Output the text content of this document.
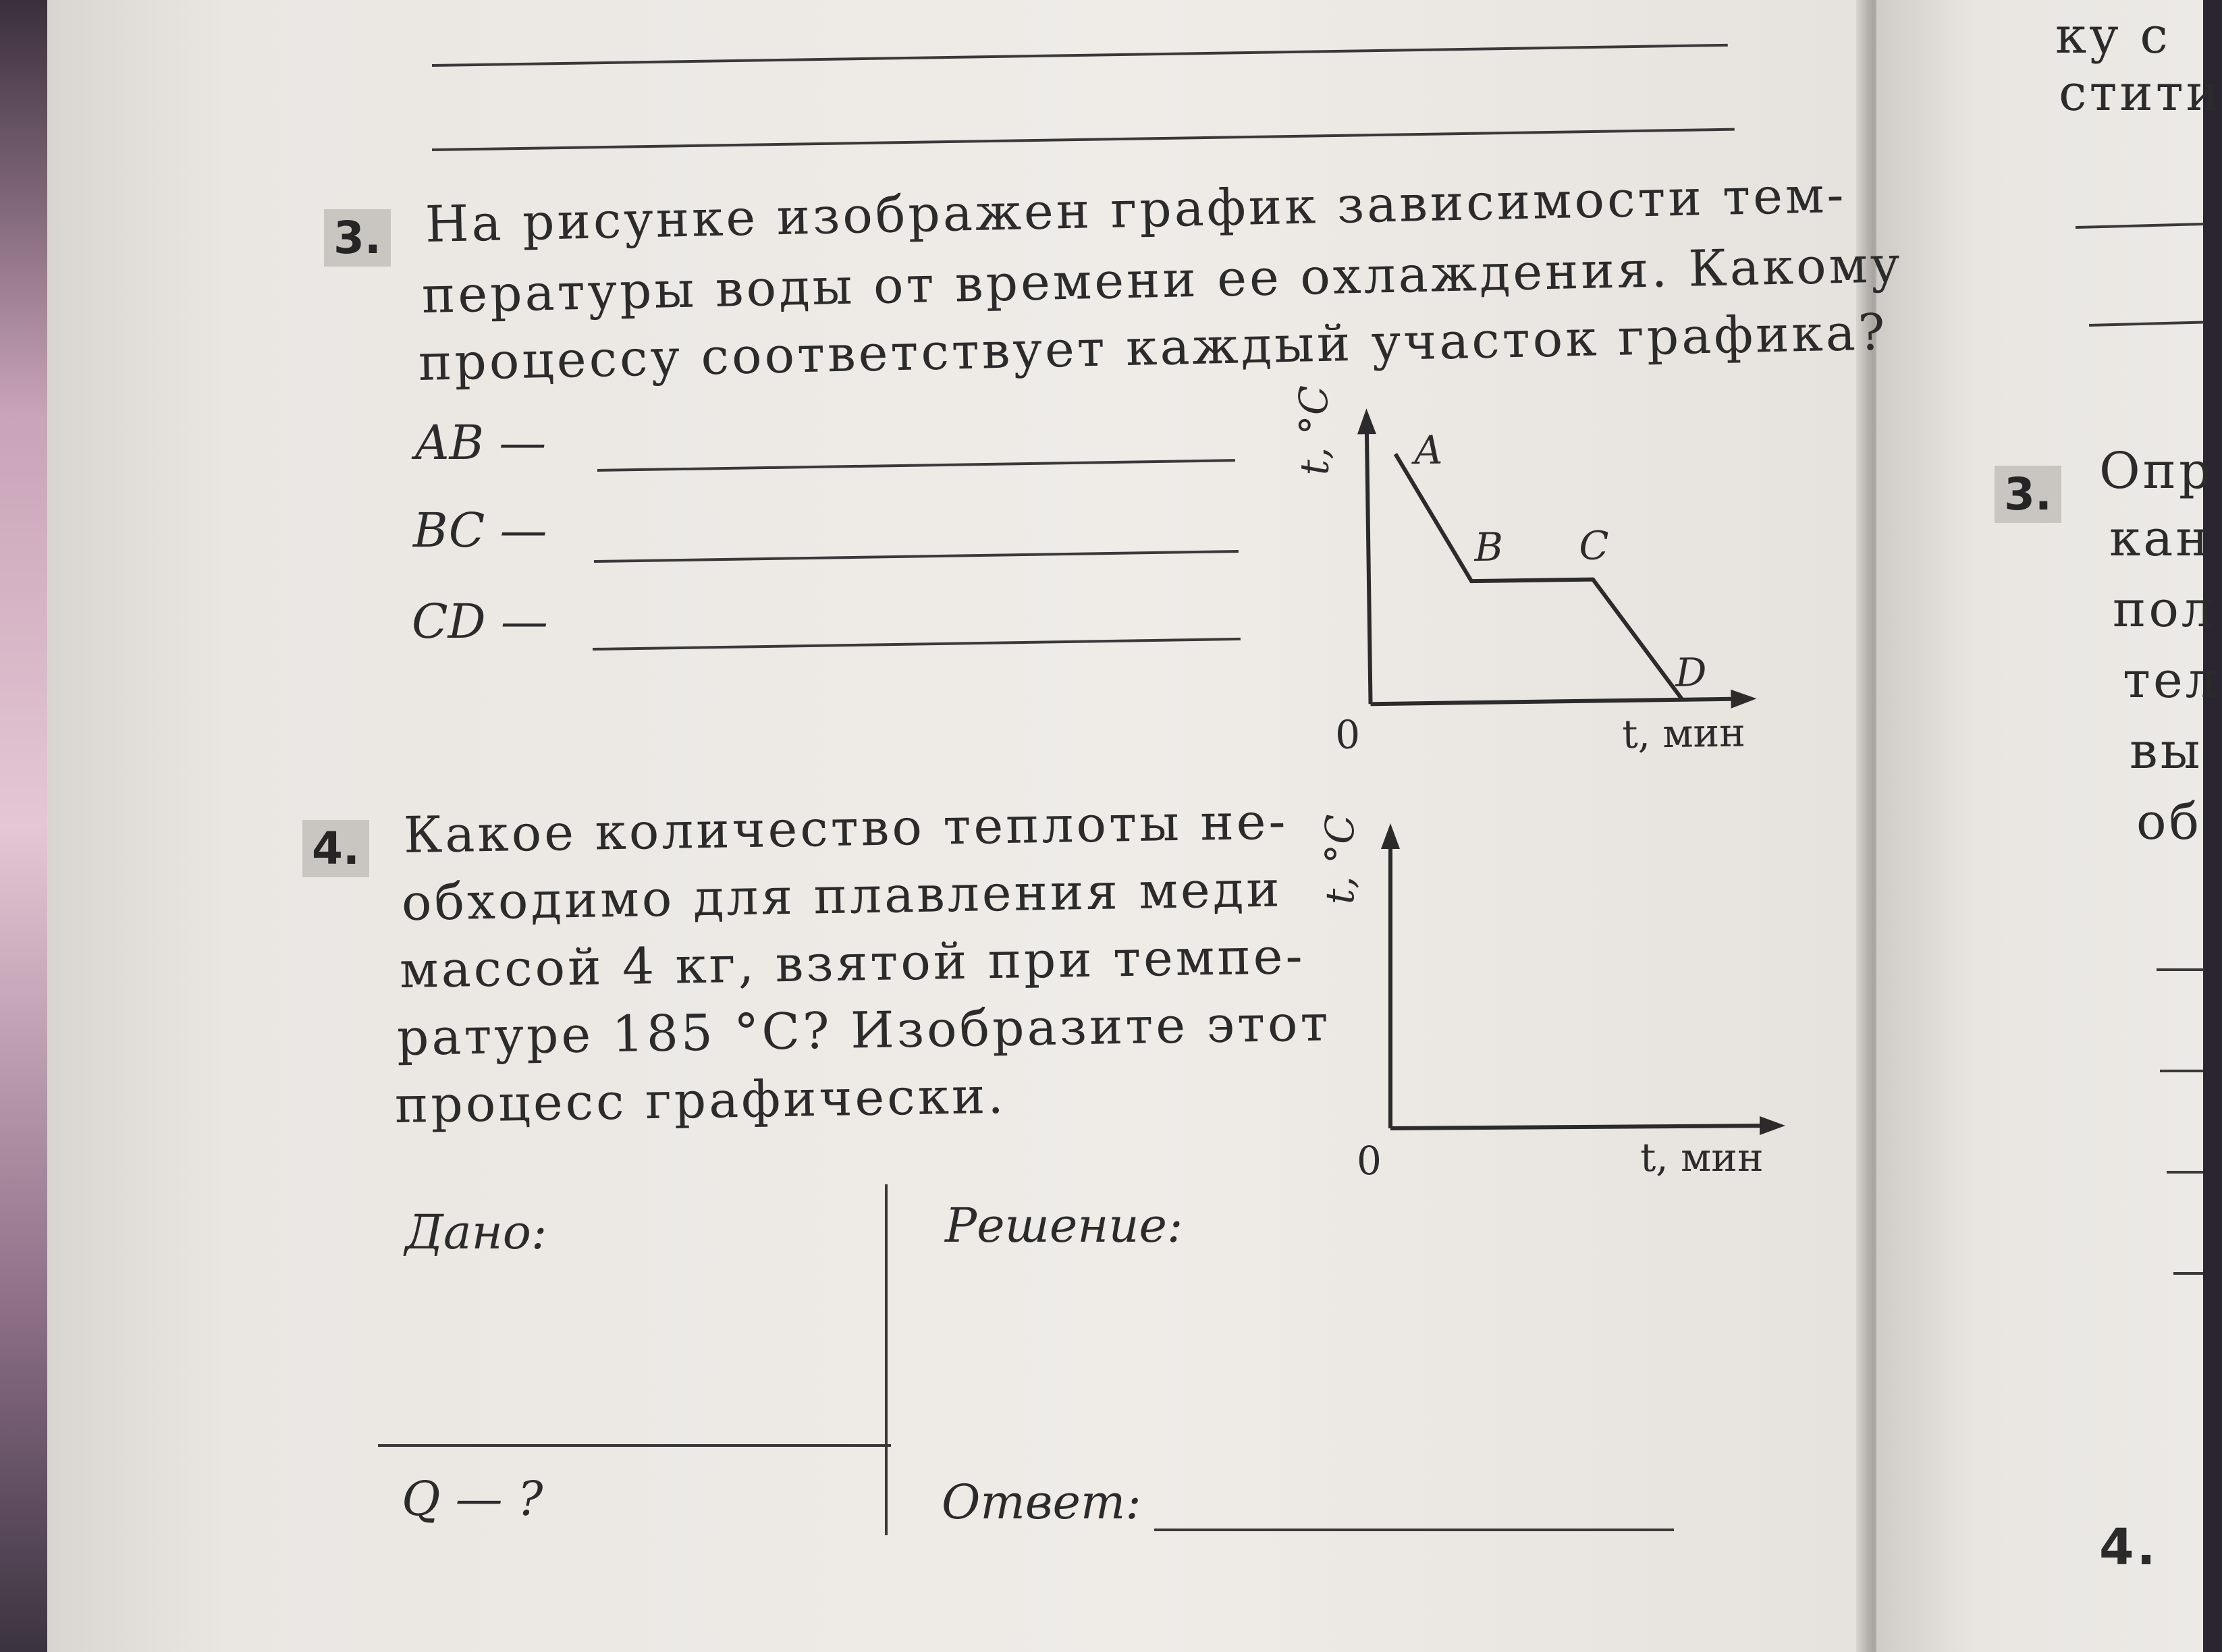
3. На рисунке изображен график зависимости тем-
пературы воды от времени ее охлаждения. Какому
процессу соответствует каждый участок графика?
AB —
BC —
CD —
t, °C
t, мин
0
A
B C
D
4. Какое количество теплоты не-
обходимо для плавления меди
массой 4 кг, взятой при темпе-
ратуре 185 °С? Изобразите этот
процесс графически.
t, °C
t, мин
0
Дано:	Решение:
Q — ?	Ответ:
ку с
стити
3. Опр
кан
пол
тел
вы
об
4.
